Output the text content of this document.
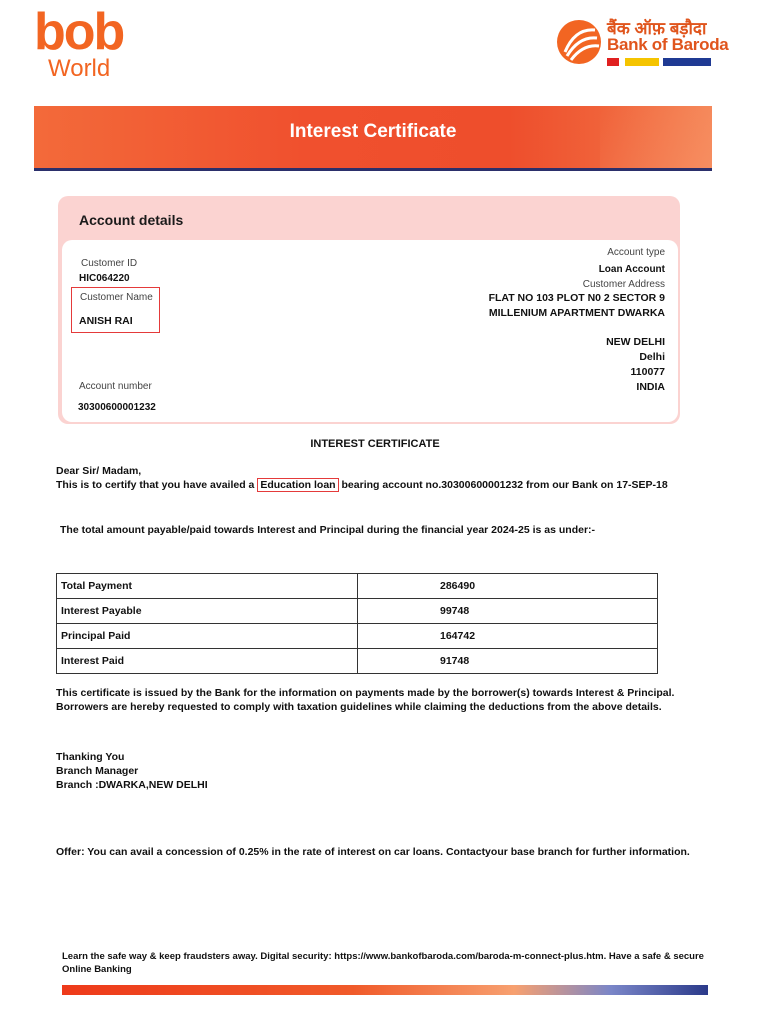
bob
World
बैंक ऑफ़ बड़ौदा
Bank of Baroda
Interest Certificate
Account details
Customer ID
HIC064220
Customer Name
ANISH RAI
Account number
30300600001232
Account type
Loan Account
Customer Address
FLAT NO 103 PLOT N0 2 SECTOR 9
MILLENIUM APARTMENT DWARKA
NEW DELHI
Delhi
110077
INDIA
INTEREST CERTIFICATE
Dear Sir/ Madam,
This is to certify that you have availed a Education loan bearing account no.30300600001232 from our Bank on 17-SEP-18
The total amount payable/paid towards Interest and Principal during the financial year 2024-25 is as under:-
Total Payment	286490
Interest Payable	99748
Principal Paid	164742
Interest Paid	91748
This certificate is issued by the Bank for the information on payments made by the borrower(s) towards Interest & Principal.
Borrowers are hereby requested to comply with taxation guidelines while claiming the deductions from the above details.
Thanking You
Branch Manager
Branch :DWARKA,NEW DELHI
Offer: You can avail a concession of 0.25% in the rate of interest on car loans. Contactyour base branch for further information.
Learn the safe way & keep fraudsters away. Digital security: https://www.bankofbaroda.com/baroda-m-connect-plus.htm. Have a safe & secure Online Banking
